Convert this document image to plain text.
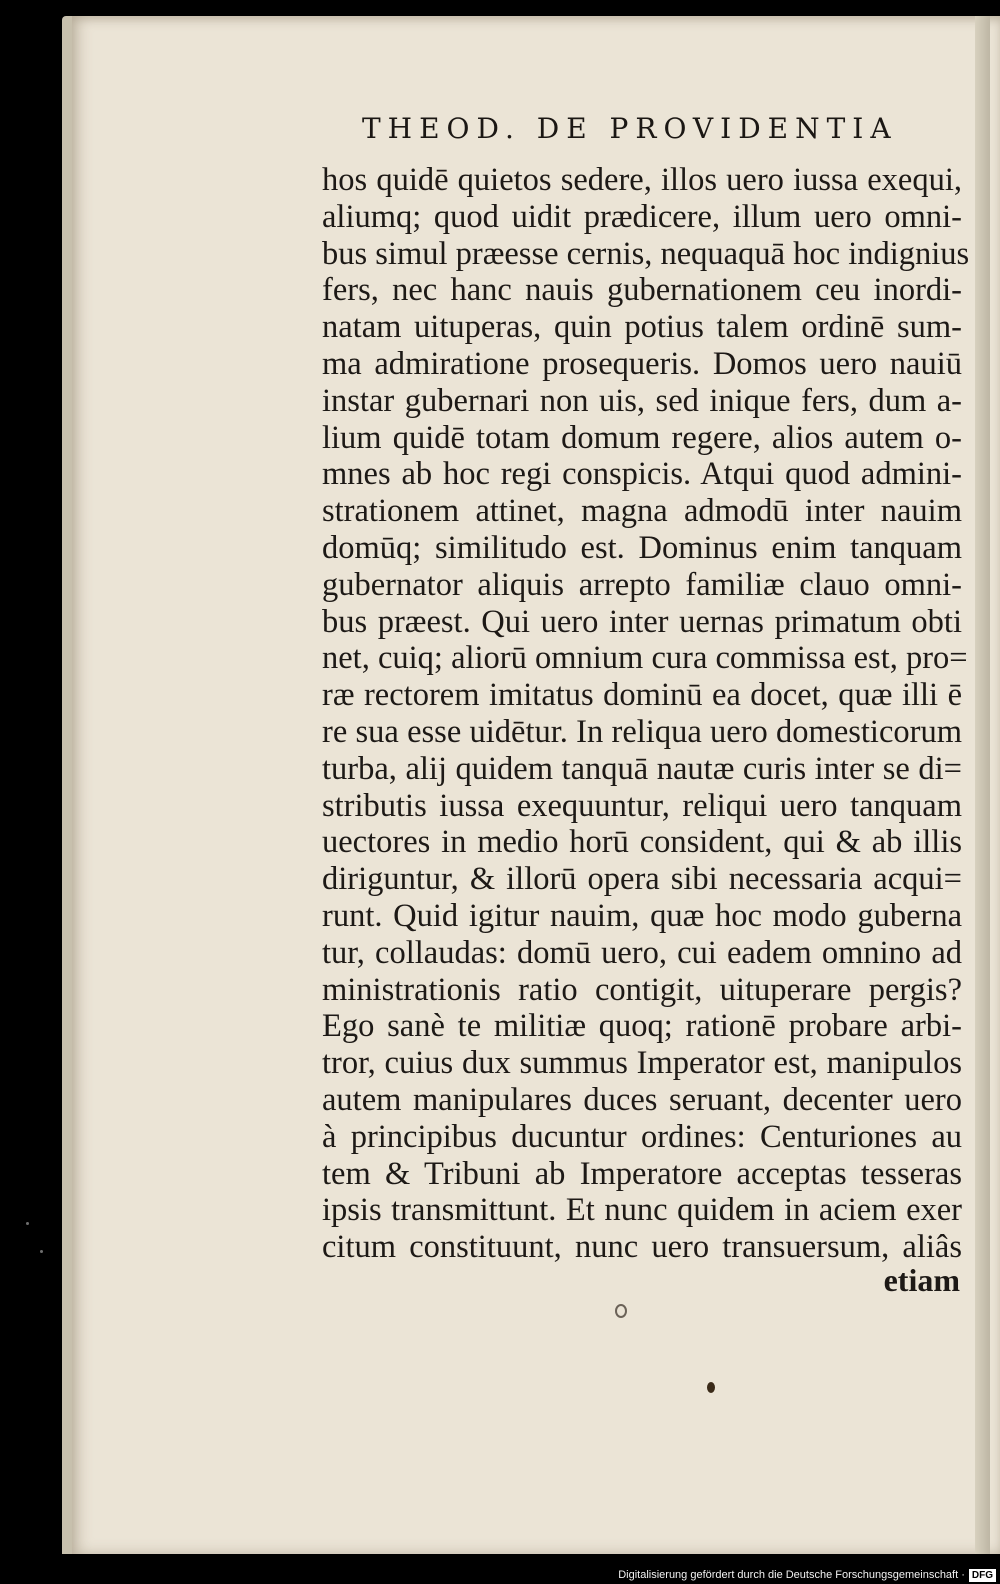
THEOD. DE PROVIDENTIA
hos quidē quietos sedere, illos uero iussa exequi,
aliumq; quod uidit prædicere, illum uero omni-
bus simul præesse cernis, nequaquā hoc indignius
fers, nec hanc nauis gubernationem ceu inordi-
natam uituperas, quin potius talem ordinē sum-
ma admiratione prosequeris. Domos uero nauiū
instar gubernari non uis, sed inique fers, dum a-
lium quidē totam domum regere, alios autem o-
mnes ab hoc regi conspicis. Atqui quod admini-
strationem attinet, magna admodū inter nauim
domūq; similitudo est. Dominus enim tanquam
gubernator aliquis arrepto familiæ clauo omni-
bus præest. Qui uero inter uernas primatum obti
net, cuiq; aliorū omnium cura commissa est, pro=
ræ rectorem imitatus dominū ea docet, quæ illi ē
re sua esse uidētur. In reliqua uero domesticorum
turba, alij quidem tanquā nautæ curis inter se di=
stributis iussa exequuntur, reliqui uero tanquam
uectores in medio horū consident, qui & ab illis
diriguntur, & illorū opera sibi necessaria acqui=
runt. Quid igitur nauim, quæ hoc modo guberna
tur, collaudas: domū uero, cui eadem omnino ad
ministrationis ratio contigit, uituperare pergis?
Ego sanè te militiæ quoq; rationē probare arbi-
tror, cuius dux summus Imperator est, manipulos
autem manipulares duces seruant, decenter uero
à principibus ducuntur ordines: Centuriones au
tem & Tribuni ab Imperatore acceptas tesseras
ipsis transmittunt. Et nunc quidem in aciem exer
citum constituunt, nunc uero transuersum, aliâs
etiam
Digitalisierung gefördert durch die Deutsche Forschungsgemeinschaft · DFG
